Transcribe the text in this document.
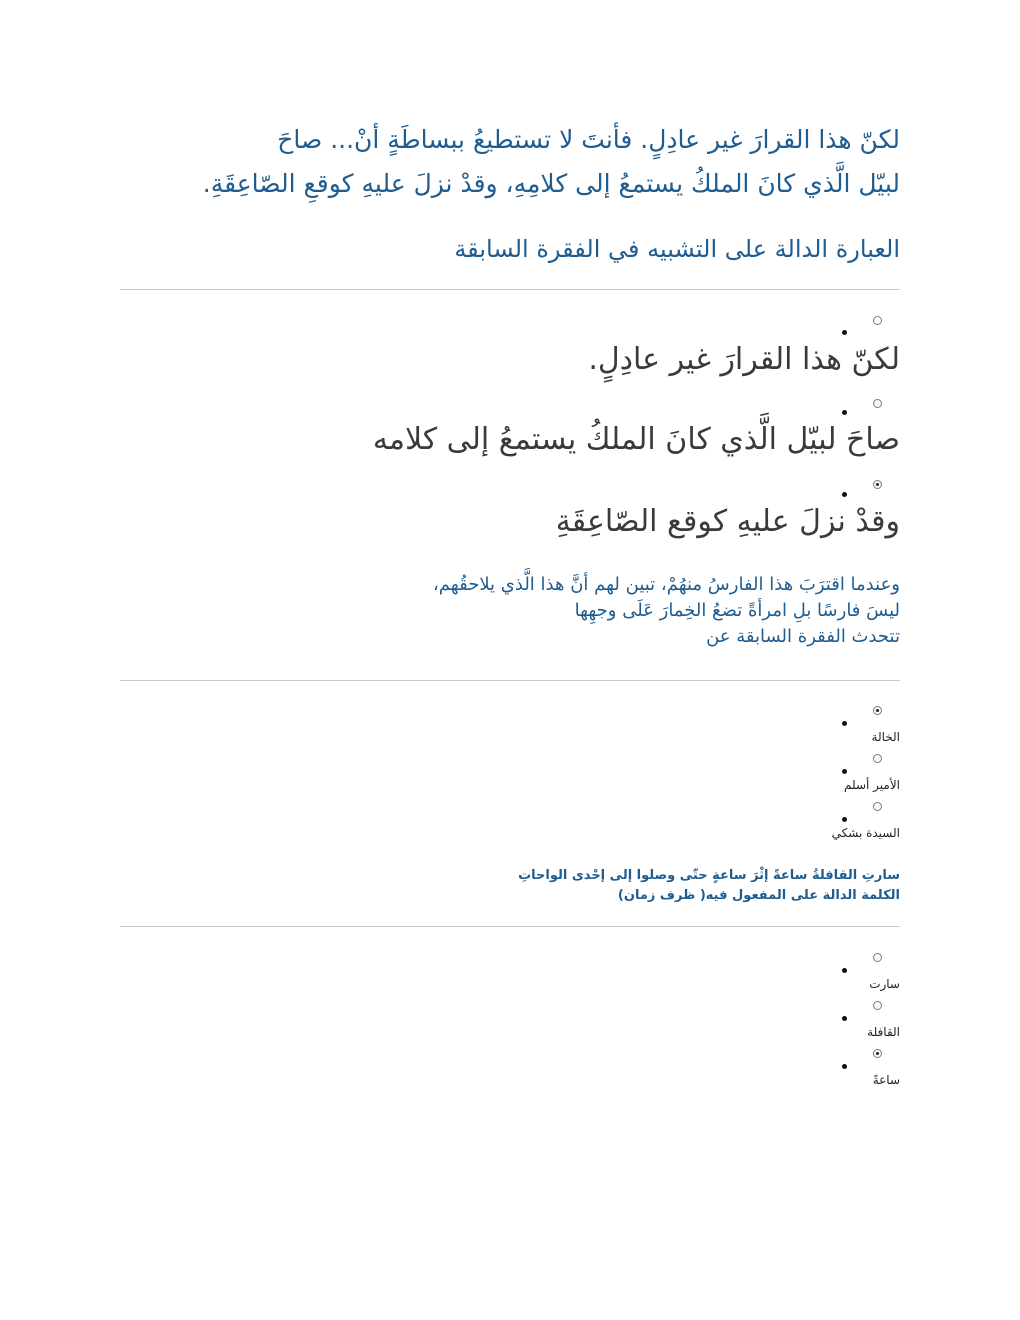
لكنّ هذا القرارَ غير عادِلٍ. فأنتَ لا تستطيعُ ببساطَةٍ أنْ... صاحَ
لبيّل الَّذي كانَ الملكُ يستمعُ إلى كلامِهِ، وقدْ نزلَ عليهِ كوقعِ الصّاعِقَةِ.
العبارة الدالة على التشبيه في الفقرة السابقة
لكنّ هذا القرارَ غير عادِلٍ.
صاحَ لبيّل الَّذي كانَ الملكُ يستمعُ إلى كلامه
وقدْ نزلَ عليهِ كوقع الصّاعِقَةِ
وعندما اقترَبَ هذا الفارسُ منهُمْ، تبين لهم أنَّ هذا الَّذي يلاحقُهم،
ليسَ فارسًا بلِ امرأةً تضعُ الخِمارَ عَلَى وجهِها
تتحدث الفقرة السابقة عن
الخالة
الأمير أسلم
السيدة بشكي
سارتِ القافلةُ ساعةً إثْرَ ساعةٍ حتّى وصلوا إلى إحْدى الواحاتِ
الكلمة الدالة على المفعول فيه( ظرف زمان)
سارت
القافلة
ساعةً
